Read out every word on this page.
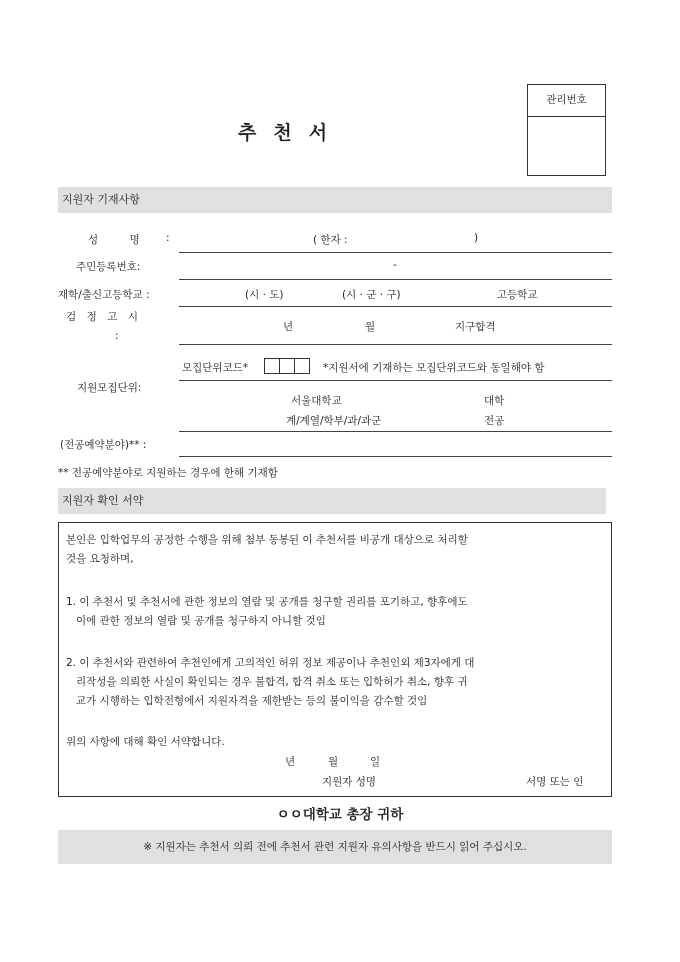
추 천 서
관리번호
지원자 기재사항
성　　　명 :	( 한자 :	)
주민등록번호:	-
재학/출신고등학교 :	(시 · 도)	(시 · 군 · 구)	고등학교
검　정　고　시
:
년	월	지구합격
모집단위코드*	*지원서에 기재하는 모집단위코드와 동일해야 함
지원모집단위:
서울대학교	대학
계/계열/학부/과/과군	전공
(전공예약분야)** :
** 전공예약분야로 지원하는 경우에 한해 기재함
지원자 확인 서약
본인은 입학업무의 공정한 수행을 위해 첨부 동봉된 이 추천서를 비공개 대상으로 처리할
것을 요청하며,
1. 이 추천서 및 추천서에 관한 정보의 열람 및 공개를 청구할 권리를 포기하고, 향후에도
이에 관한 정보의 열람 및 공개를 청구하지 아니할 것임
2. 이 추천서와 관련하여 추천인에게 고의적인 허위 정보 제공이나 추천인외 제3자에게 대
리작성을 의뢰한 사실이 확인되는 경우 불합격, 합격 취소 또는 입학허가 취소, 향후 귀
교가 시행하는 입학전형에서 지원자격을 제한받는 등의 불이익을 감수할 것임
위의 사항에 대해 확인 서약합니다.
년	월	일
지원자 성명	서명 또는 인
ㅇㅇ대학교 총장 귀하
※ 지원자는 추천서 의뢰 전에 추천서 관련 지원자 유의사항을 반드시 읽어 주십시오.
